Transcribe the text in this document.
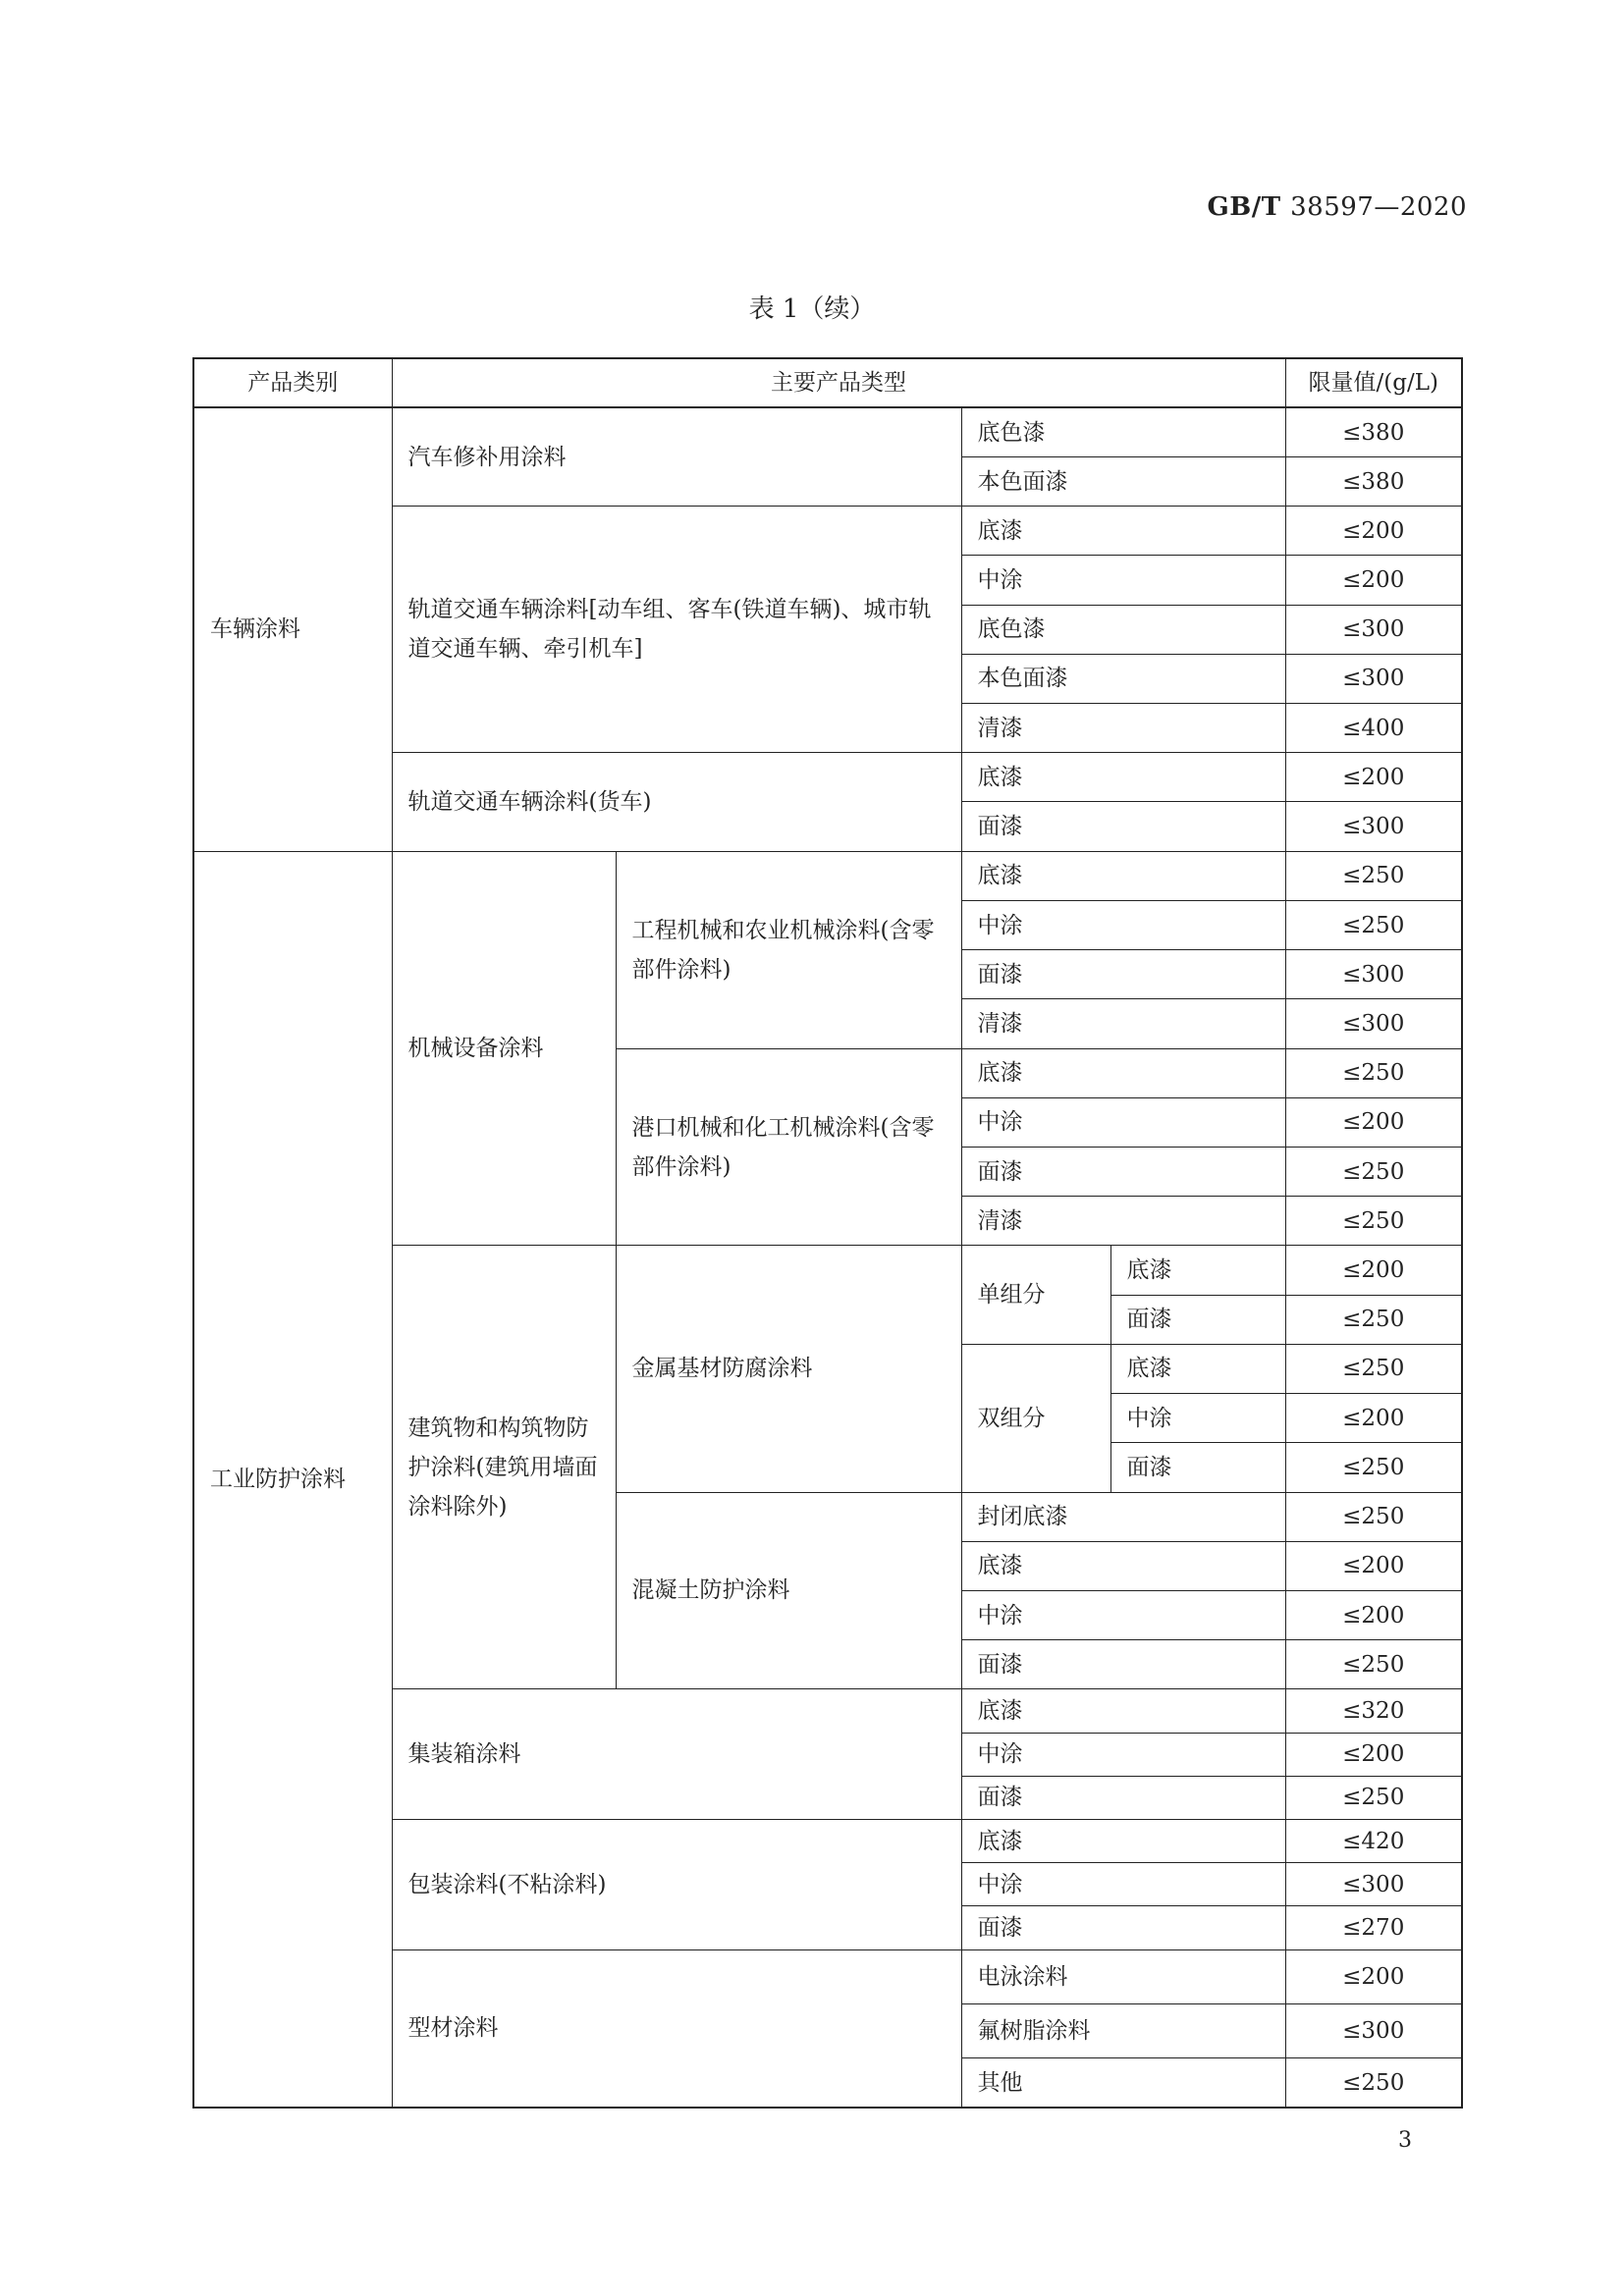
GB/T 38597—2020
表 1（续）
产品类别	主要产品类型				限量值/(g/L)
车辆涂料	汽车修补用涂料		底色漆		≤380
			本色面漆		≤380
	轨道交通车辆涂料[动车组、客车(铁道车辆)、城市轨道交通车辆、牵引机车]		底漆		≤200
			中涂		≤200
			底色漆		≤300
			本色面漆		≤300
			清漆		≤400
	轨道交通车辆涂料(货车)		底漆		≤200
			面漆		≤300
工业防护涂料	机械设备涂料	工程机械和农业机械涂料(含零部件涂料)	底漆		≤250
			中涂		≤250
			面漆		≤300
			清漆		≤300
		港口机械和化工机械涂料(含零部件涂料)	底漆		≤250
			中涂		≤200
			面漆		≤250
			清漆		≤250
	建筑物和构筑物防护涂料(建筑用墙面涂料除外)	金属基材防腐涂料	单组分	底漆	≤200
				面漆	≤250
			双组分	底漆	≤250
				中涂	≤200
				面漆	≤250
		混凝土防护涂料	封闭底漆		≤250
			底漆		≤200
			中涂		≤200
			面漆		≤250
	集装箱涂料		底漆		≤320
			中涂		≤200
			面漆		≤250
	包装涂料(不粘涂料)		底漆		≤420
			中涂		≤300
			面漆		≤270
	型材涂料		电泳涂料		≤200
			氟树脂涂料		≤300
			其他		≤250
3
